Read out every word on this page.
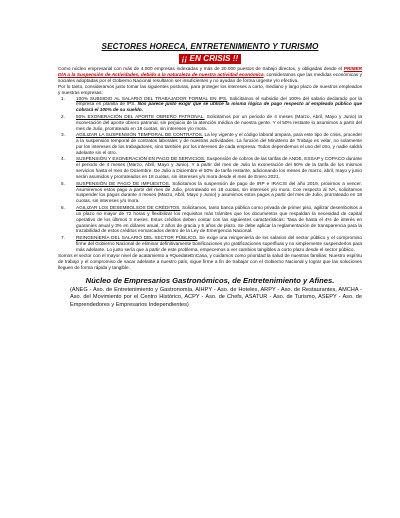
SECTORES HORECA, ENTRETENIMIENTO Y TURISMO
¡¡ EN CRISIS !!

Como núcleo empresarial con más de 4.000 empresas indexadas y más de 20.000 puestos de trabajo directos, y obligadas desde el PRIMER DÍA a la Suspensión de Actividades, debido a la naturaleza de nuestra actividad económica, consideramos que las medidas económicas y sociales adoptadas por el Gobierno Nacional resultaron ser insuficientes y no ayudan de forma urgente y/o efectiva.

Por lo tanto, consideramos justo tomar las siguientes posturas, para proteger los intereses a corto, mediano y largo plazo de nuestros empleados y nuestras empresas:

1. 100% SUBSIDIO AL SALARIO DEL TRABAJADOR FORMAL EN IPS. Solicitamos el subsidio del 100% del salario declarado por la empresa en planilla de IPS. Nos parece justo exigir que se utilice la misma lógica de pago respecto al empleado público que cobrará el 100% de su sueldo.
2. 50% EXONERACIÓN DEL APORTE OBRERO PATRONAL. Solicitamos por un periodo de 4 meses (Marzo, Abril, Mayo y Junio) la exoneración del aporte obrero patronal, sin perjuicio de la atención médica de nuestra gente. Y el 50% restante lo asumimos a partir del mes de Julio, prorrateado en 18 cuotas, sin intereses y/o mora.
3. AGILIZAR LA SUSPENSIÓN TEMPORAL DE CONTRATOS. La ley vigente y el código laboral ampara, para este tipo de crisis, proceder a la suspensión temporal de contratos laborales y de nuestras actividades. La función del Ministerio de Trabajo es velar, no solamente por los intereses de los trabajadores, sino también por los intereses de cada empresa. Todos dependemos el uno del otro, y nadie saldrá adelante sin el otro.
4. SUSPENSIÓN Y EXONERACIÓN EN PAGO DE SERVICIOS. Suspensión de cobros de las tarifas de ANDE, ESSAP y COPACO durante el periodo de 4 meses (Marzo, Abril, Mayo y Junio). Y a partir del mes de Julio la exoneración del 50% de la tarifa de los mismos servicios hasta el mes de Diciembre. De Julio a Diciembre el 50% de tarifa restante, adicionando los meses de marzo, abril, mayo y junio serán asumidos y prorrateados en 18 cuotas, sin intereses y/o mora desde el mes de Enero 2021.
5. SUSPENSIÓN DE PAGO DE IMPUESTOS. Solicitamos la suspensión de pago de IRP e IRACIS del año 2019, próximos a vencer. Asumiremos estos pago a partir del mes de Julio, prorrateado en 18 cuotas, sin intereses y/o mora. Con respecto al IVA, solicitamos suspender los pagos durante 4 meses (Marzo, Abril, Mayo y Junio) y asumimos estos pagos a partir del mes de Julio, prorrateado en 18 cuotas, sin intereses y/o mora.
6. AGILIZAR LOS DESEMBOLSOS DE CRÉDITOS. Solicitamos, tanto banca pública como privada de primer piso, agilizar desembolsos a un plazo no mayor de 72 horas y flexibilizar los requisitos más trámites que los documentos que respaldan la necesidad de capital operativo de los últimos 3 meses. Estos créditos deben contar con las siguientes características: Tasa de hasta el 4% de interés en guaraníes anual y 3% en dólares anual, 2 años de gracia y 5 años de plazo. Se debe aplicar la reglamentación de transparencia para la trazabilidad de estos créditos enmarcados dentro de la Ley de Emergencia Nacional.
7. REINGENIERÍA DEL SALARIO DEL SECTOR PÚBLICO. Se exige una reingeniería de los salarios del sector público y el compromiso firme del Gobierno Nacional de eliminar definitivamente bonificaciones y/o gratificaciones superfluas y no simplemente suspenderlos para más adelante. Lo justo sería que a partir de este problema, empecemos a ver cambios tangibles a corto plazo desde el sector público.

Somos el sector con el mayor nivel de acatamiento a #QuedateEnCasa, y cuidamos como prioridad la salud de nuestras familias. Nuestro espíritu de trabajo y el compromiso de sacar adelante a nuestro país, sigue firme a fin de trabajar con el Gobierno Nacional y lograr que las soluciones lleguen de forma rápida y tangible.

Núcleo de Empresarios Gastronómicos, de Entretenimiento y Afines.
(ANEG - Aso. de Entretenimiento y Gastronomía, AIHPY - Aso. de Hoteles, ARPY - Aso. de Restaurantes, AMCHA - Aso. del Movimiento por el Centro Histórico, ACPY - Aso. de Chefs, ASATUR - Aso. de Turismo, ASEPY - Aso. de Emprendedores y Empresarios Independientes)
